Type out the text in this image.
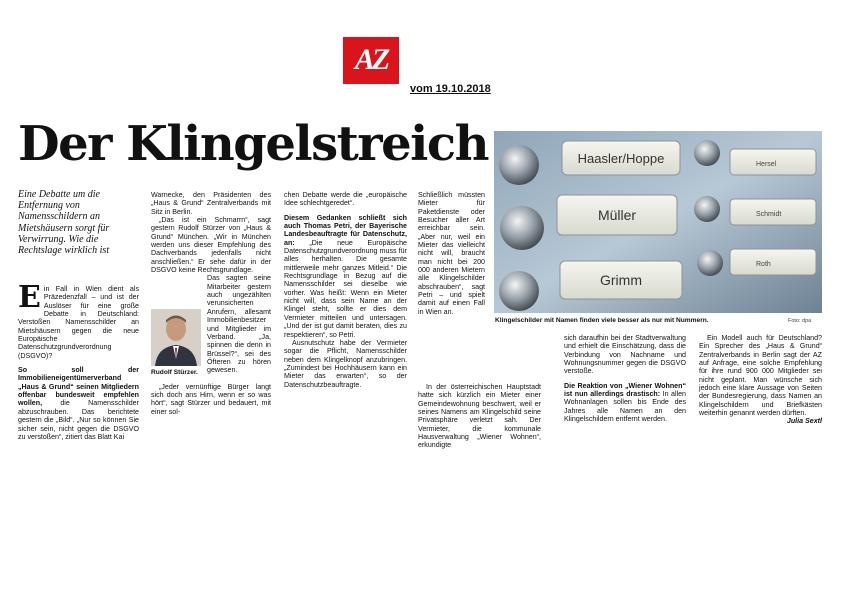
AZ
vom 19.10.2018
Der Klingelstreich	Haasler/Hoppe
Müller
Grimm
Hersel
Schmidt
Roth
Klingelschilder mit Namen finden viele besser als nur mit Nummern.	Foto: dpa
Eine Debatte um die Entfernung von Namensschildern an Mietshäusern sorgt für Verwirrung. Wie die Rechtslage wirklich ist

Ein Fall in Wien dient als Präzedenzfall – und ist der Auslöser für eine große Debatte in Deutschland: Verstoßen Namensschilder an Mietshäusern gegen die neue Europäische Datenschutzgrundverordnung (DSGVO)?

So soll der Immobilieneigentümerverband „Haus & Grund“ seinen Mitgliedern offenbar bundesweit empfehlen wollen, die Namensschilder abzuschrauben. Das berichtete gestern die „Bild“. „Nur so können Sie sicher sein, nicht gegen die DSGVO zu verstoßen“, zitiert das Blatt Kai

Warnecke, den Präsidenten des „Haus & Grund“ Zentralverbands mit Sitz in Berlin.

„Das ist ein Schmarrn“, sagt gestern Rudolf Stürzer von „Haus & Grund“ München. „Wir in München werden uns dieser Empfehlung des Dachverbands jedenfalls nicht anschließen.“ Er sehe dafür in der DSGVO keine Rechtsgrundlage.

Das sagten seine Mitarbeiter gestern auch ungezählten verunsicherten Anrufern, allesamt Immobilienbesitzer und Mitglieder im Verband. „Ja, spinnen die denn in Brüssel?“, sei des Öfteren zu hören gewesen.

„Jeder vernünftige Bürger langt sich doch ans Hirn, wenn er so was hört“, sagt Stürzer und bedauert, mit einer sol-

Rudolf Stürzer.

chen Debatte werde die „europäische Idee schlechtgeredet“.

Diesem Gedanken schließt sich auch Thomas Petri, der Bayerische Landesbeauftragte für Datenschutz, an: „Die neue Europäische Datenschutzgrundverordnung muss für alles herhalten. Die gesamte mittlerweile mehr ganzes Mitleid.“ Die Rechtsgrundlage in Bezug auf die Namensschilder sei dieselbe wie vorher. Was heißt: Wenn ein Mieter nicht will, dass sein Name an der Klingel steht, sollte er dies dem Vermieter mitteilen und untersagen. „Und der ist gut damit beraten, dies zu respektieren“, so Petri.

Ausnutschutz habe der Vermieter sogar die Pflicht, Namensschilder neben dem Klingelknopf anzubringen. „Zumindest bei Hochhäusern kann ein Mieter das erwarten“, so der Datenschutzbeauftragte.

Schließlich müssten Mieter für Paketdienste oder Besucher aller Art erreichbar sein. „Aber nur, weil ein Mieter das vielleicht nicht will, braucht man nicht bei 200 000 anderen Mietern alle Klingelschilder abschrauben“, sagt Petri – und spielt damit auf einen Fall in Wien an.

In der österreichischen Hauptstadt hatte sich kürzlich ein Mieter einer Gemeindewohnung beschwert, weil er seines Namens am Klingelschild seine Privatsphäre verletzt sah. Der Vermieter, die kommunale Hausverwaltung „Wiener Wohnen“, erkundigte

sich daraufhin bei der Stadtverwaltung und erhielt die Einschätzung, dass die Verbindung von Nachname und Wohnungsnummer gegen die DSGVO verstoße.

Die Reaktion von „Wiener Wohnen“ ist nun allerdings drastisch: In allen Wohnanlagen sollen bis Ende des Jahres alle Namen an den Klingelschildern entfernt werden.

Ein Modell auch für Deutschland? Ein Sprecher des „Haus & Grund“ Zentralverbands in Berlin sagt der AZ auf Anfrage, eine solche Empfehlung für ihre rund 900 000 Mitglieder sei nicht geplant. Man wünsche sich jedoch eine klare Aussage von Seiten der Bundesregierung, dass Namen an Klingelschildern und Briefkästen weiterhin genannt werden dürften.

Julia Sextl
